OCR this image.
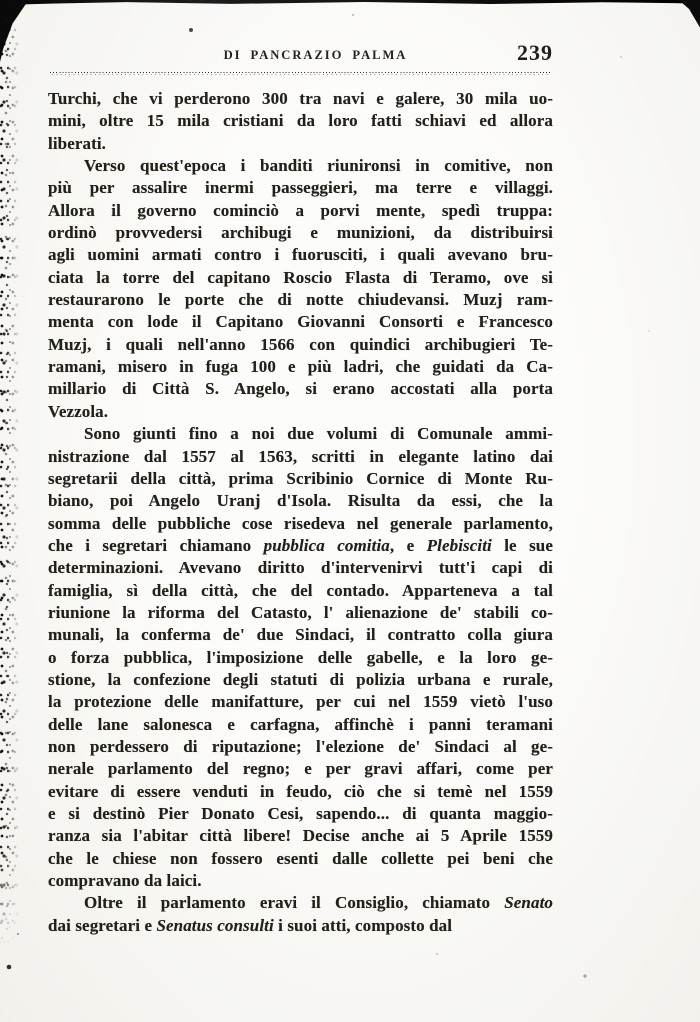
DI PANCRAZIO PALMA	239
Turchi, che vi perderono 300 tra navi e galere, 30 mila uo-
mini, oltre 15 mila cristiani da loro fatti schiavi ed allora
liberati.
Verso quest'epoca i banditi riunironsi in comitive, non
più per assalire inermi passeggieri, ma terre e villaggi.
Allora il governo cominciò a porvi mente, spedì truppa:
ordinò provvedersi archibugi e munizioni, da distribuirsi
agli uomini armati contro i fuorusciti, i quali avevano bru-
ciata la torre del capitano Roscio Flasta di Teramo, ove si
restaurarono le porte che di notte chiudevansi. Muzj ram-
menta con lode il Capitano Giovanni Consorti e Francesco
Muzj, i quali nell'anno 1566 con quindici archibugieri Te-
ramani, misero in fuga 100 e più ladri, che guidati da Ca-
millario di Città S. Angelo, si erano accostati alla porta
Vezzola.
Sono giunti fino a noi due volumi di Comunale ammi-
nistrazione dal 1557 al 1563, scritti in elegante latino dai
segretarii della città, prima Scribinio Cornice di Monte Ru-
biano, poi Angelo Uranj d'Isola. Risulta da essi, che la
somma delle pubbliche cose risedeva nel generale parlamento,
che i segretari chiamano pubblica comitia, e Plebisciti le sue
determinazioni. Avevano diritto d'intervenirvi tutt'i capi di
famiglia, sì della città, che del contado. Apparteneva a tal
riunione la riforma del Catasto, l' alienazione de' stabili co-
munali, la conferma de' due Sindaci, il contratto colla giura
o forza pubblica, l'imposizione delle gabelle, e la loro ge-
stione, la confezione degli statuti di polizia urbana e rurale,
la protezione delle manifatture, per cui nel 1559 vietò l'uso
delle lane salonesca e carfagna, affinchè i panni teramani
non perdessero di riputazione; l'elezione de' Sindaci al ge-
nerale parlamento del regno; e per gravi affari, come per
evitare di essere venduti in feudo, ciò che si temè nel 1559
e si destinò Pier Donato Cesi, sapendo... di quanta maggio-
ranza sia l'abitar città libere! Decise anche ai 5 Aprile 1559
che le chiese non fossero esenti dalle collette pei beni che
compravano da laici.
Oltre il parlamento eravi il Consiglio, chiamato Senato
dai segretari e Senatus consulti i suoi atti, composto dal
